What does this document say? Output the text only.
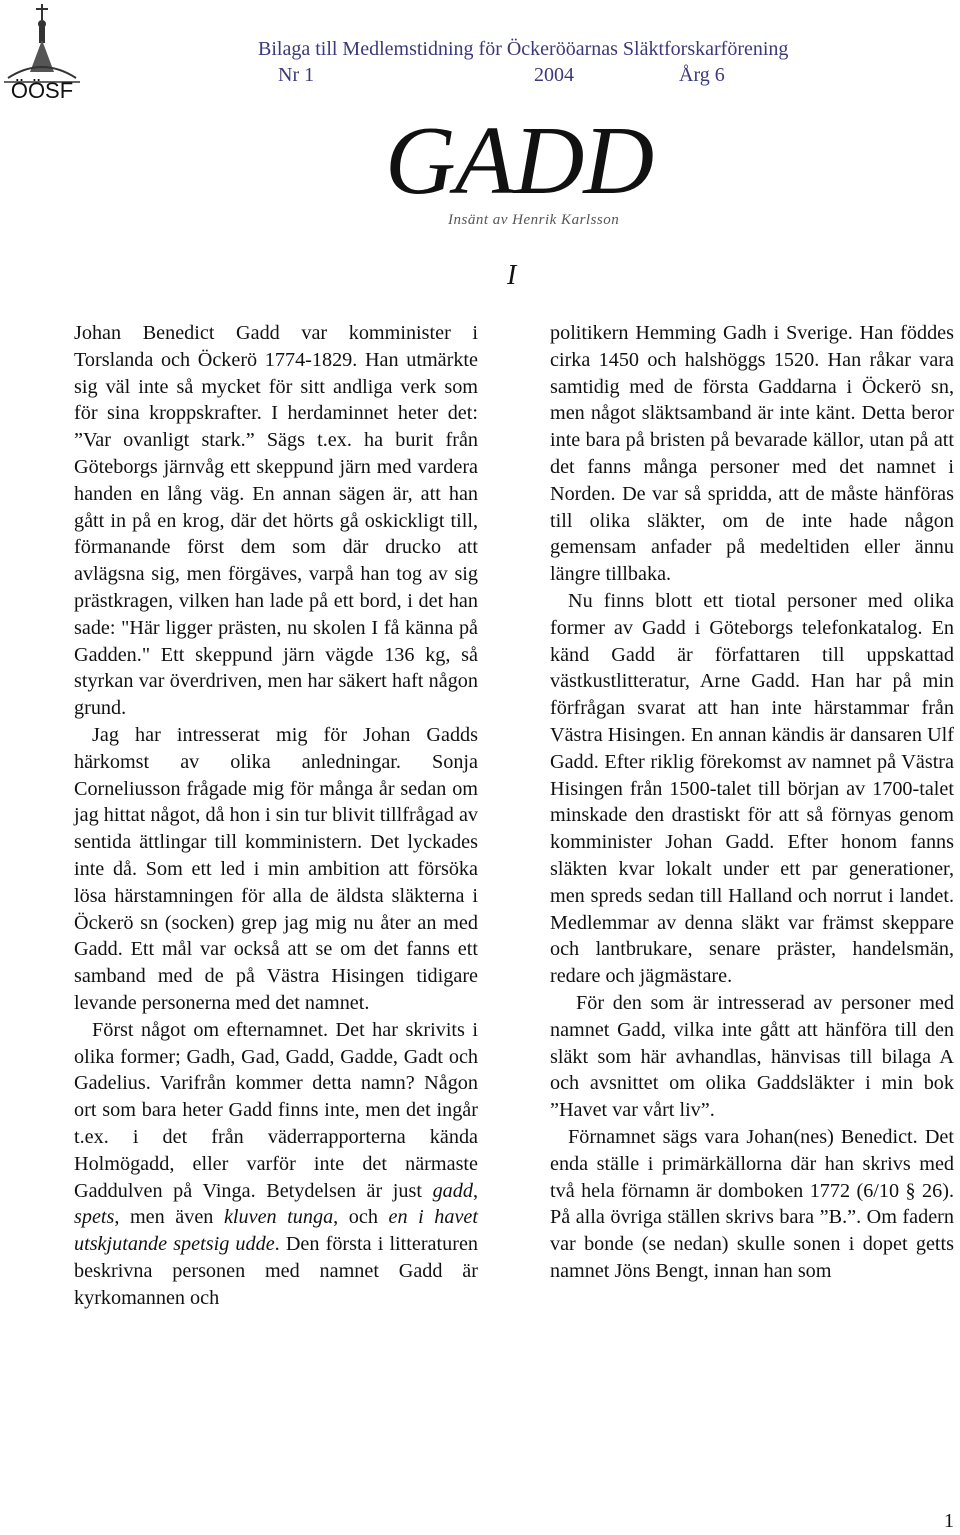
ÖÖSF
Bilaga till Medlemstidning för Öckerööarnas Släktforskarförening
Nr 1	2004	Årg 6
GADD
Insänt av Henrik Karlsson
I

Johan Benedict Gadd var komminister i Torslanda och Öckerö 1774-1829. Han utmärkte sig väl inte så mycket för sitt andliga verk som för sina kroppskrafter. I herdaminnet heter det: ”Var ovanligt stark.” Sägs t.ex. ha burit från Göteborgs järnvåg ett skeppund järn med vardera handen en lång väg. En annan sägen är, att han gått in på en krog, där det hörts gå oskickligt till, förmanande först dem som där drucko att avlägsna sig, men förgäves, varpå han tog av sig prästkragen, vilken han lade på ett bord, i det han sade: "Här ligger prästen, nu skolen I få känna på Gadden." Ett skeppund järn vägde 136 kg, så styrkan var överdriven, men har säkert haft någon grund.

Jag har intresserat mig för Johan Gadds härkomst av olika anledningar. Sonja Corneliusson frågade mig för många år sedan om jag hittat något, då hon i sin tur blivit tillfrågad av sentida ättlingar till komministern. Det lyckades inte då. Som ett led i min ambition att försöka lösa härstamningen för alla de äldsta släkterna i Öckerö sn (socken) grep jag mig nu åter an med Gadd. Ett mål var också att se om det fanns ett samband med de på Västra Hisingen tidigare levande personerna med det namnet.

Först något om efternamnet. Det har skrivits i olika former; Gadh, Gad, Gadd, Gadde, Gadt och Gadelius. Varifrån kommer detta namn? Någon ort som bara heter Gadd finns inte, men det ingår t.ex. i det från väderrapporterna kända Holmögadd, eller varför inte det närmaste Gaddulven på Vinga. Betydelsen är just gadd, spets, men även kluven tunga, och en i havet utskjutande spetsig udde. Den första i litteraturen beskrivna personen med namnet Gadd är kyrkomannen och

politikern Hemming Gadh i Sverige. Han föddes cirka 1450 och halshöggs 1520. Han råkar vara samtidig med de första Gaddarna i Öckerö sn, men något släktsamband är inte känt. Detta beror inte bara på bristen på bevarade källor, utan på att det fanns många personer med det namnet i Norden. De var så spridda, att de måste hänföras till olika släkter, om de inte hade någon gemensam anfader på medeltiden eller ännu längre tillbaka.

Nu finns blott ett tiotal personer med olika former av Gadd i Göteborgs telefonkatalog. En känd Gadd är författaren till uppskattad västkustlitteratur, Arne Gadd. Han har på min förfrågan svarat att han inte härstammar från Västra Hisingen. En annan kändis är dansaren Ulf Gadd. Efter riklig förekomst av namnet på Västra Hisingen från 1500-talet till början av 1700-talet minskade den drastiskt för att så förnyas genom komminister Johan Gadd. Efter honom fanns släkten kvar lokalt under ett par generationer, men spreds sedan till Halland och norrut i landet. Medlemmar av denna släkt var främst skeppare och lantbrukare, senare präster, handelsmän, redare och jägmästare.

För den som är intresserad av personer med namnet Gadd, vilka inte gått att hänföra till den släkt som här avhandlas, hänvisas till bilaga A och avsnittet om olika Gaddsläkter i min bok ”Havet var vårt liv”.

Förnamnet sägs vara Johan(nes) Benedict. Det enda ställe i primärkällorna där han skrivs med två hela förnamn är domboken 1772 (6/10 § 26). På alla övriga ställen skrivs bara ”B.”. Om fadern var bonde (se nedan) skulle sonen i dopet getts namnet Jöns Bengt, innan han som

1
